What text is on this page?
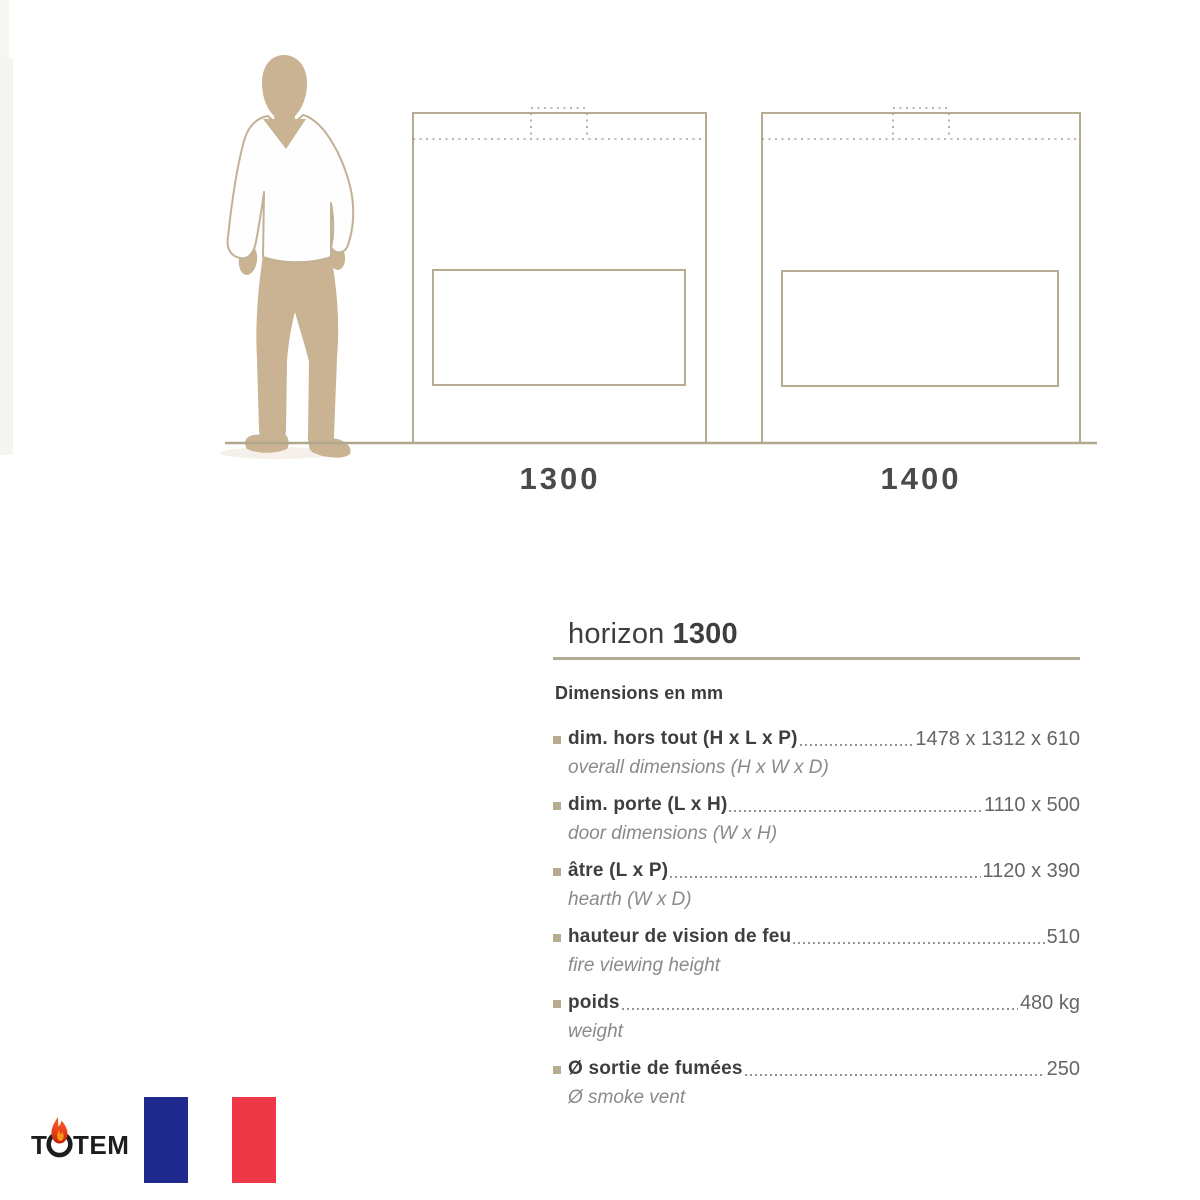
1300	1400
horizon 1300
Dimensions en mm
dim. hors tout (H x L x P)	1478 x 1312 x 610
overall dimensions (H x W x D)
dim. porte (L x H)	1110 x 500
door dimensions (W x H)
âtre (L x P)	1120 x 390
hearth (W x D)
hauteur de vision de feu	510
fire viewing height
poids	480 kg
weight
Ø sortie de fumées	250
Ø smoke vent
T TEM
